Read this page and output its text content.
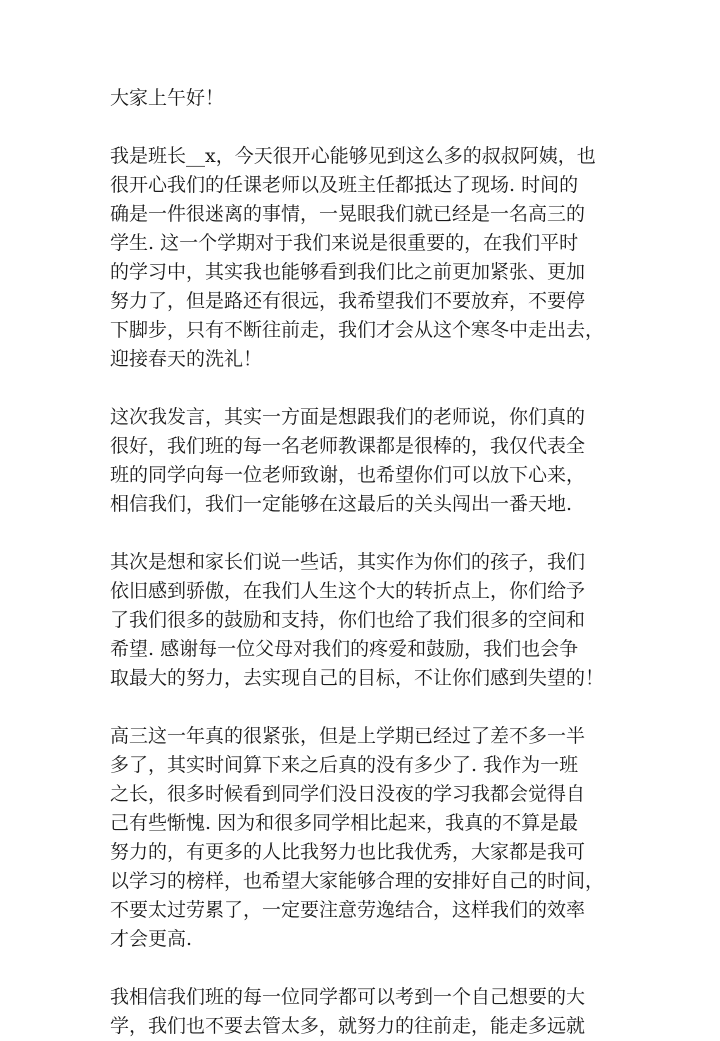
大家上午好！
我是班长__x，今天很开心能够见到这么多的叔叔阿姨，也
很开心我们的任课老师以及班主任都抵达了现场. 时间的
确是一件很迷离的事情，一晃眼我们就已经是一名高三的
学生. 这一个学期对于我们来说是很重要的，在我们平时
的学习中，其实我也能够看到我们比之前更加紧张、更加
努力了，但是路还有很远，我希望我们不要放弃，不要停
下脚步，只有不断往前走，我们才会从这个寒冬中走出去，
迎接春天的洗礼！
这次我发言，其实一方面是想跟我们的老师说，你们真的
很好，我们班的每一名老师教课都是很棒的，我仅代表全
班的同学向每一位老师致谢，也希望你们可以放下心来，
相信我们，我们一定能够在这最后的关头闯出一番天地.
其次是想和家长们说一些话，其实作为你们的孩子，我们
依旧感到骄傲，在我们人生这个大的转折点上，你们给予
了我们很多的鼓励和支持，你们也给了我们很多的空间和
希望. 感谢每一位父母对我们的疼爱和鼓励，我们也会争
取最大的努力，去实现自己的目标，不让你们感到失望的！
高三这一年真的很紧张，但是上学期已经过了差不多一半
多了，其实时间算下来之后真的没有多少了. 我作为一班
之长，很多时候看到同学们没日没夜的学习我都会觉得自
己有些惭愧. 因为和很多同学相比起来，我真的不算是最
努力的，有更多的人比我努力也比我优秀，大家都是我可
以学习的榜样，也希望大家能够合理的安排好自己的时间，
不要太过劳累了，一定要注意劳逸结合，这样我们的效率
才会更高.
我相信我们班的每一位同学都可以考到一个自己想要的大
学，我们也不要去管太多，就努力的往前走，能走多远就
